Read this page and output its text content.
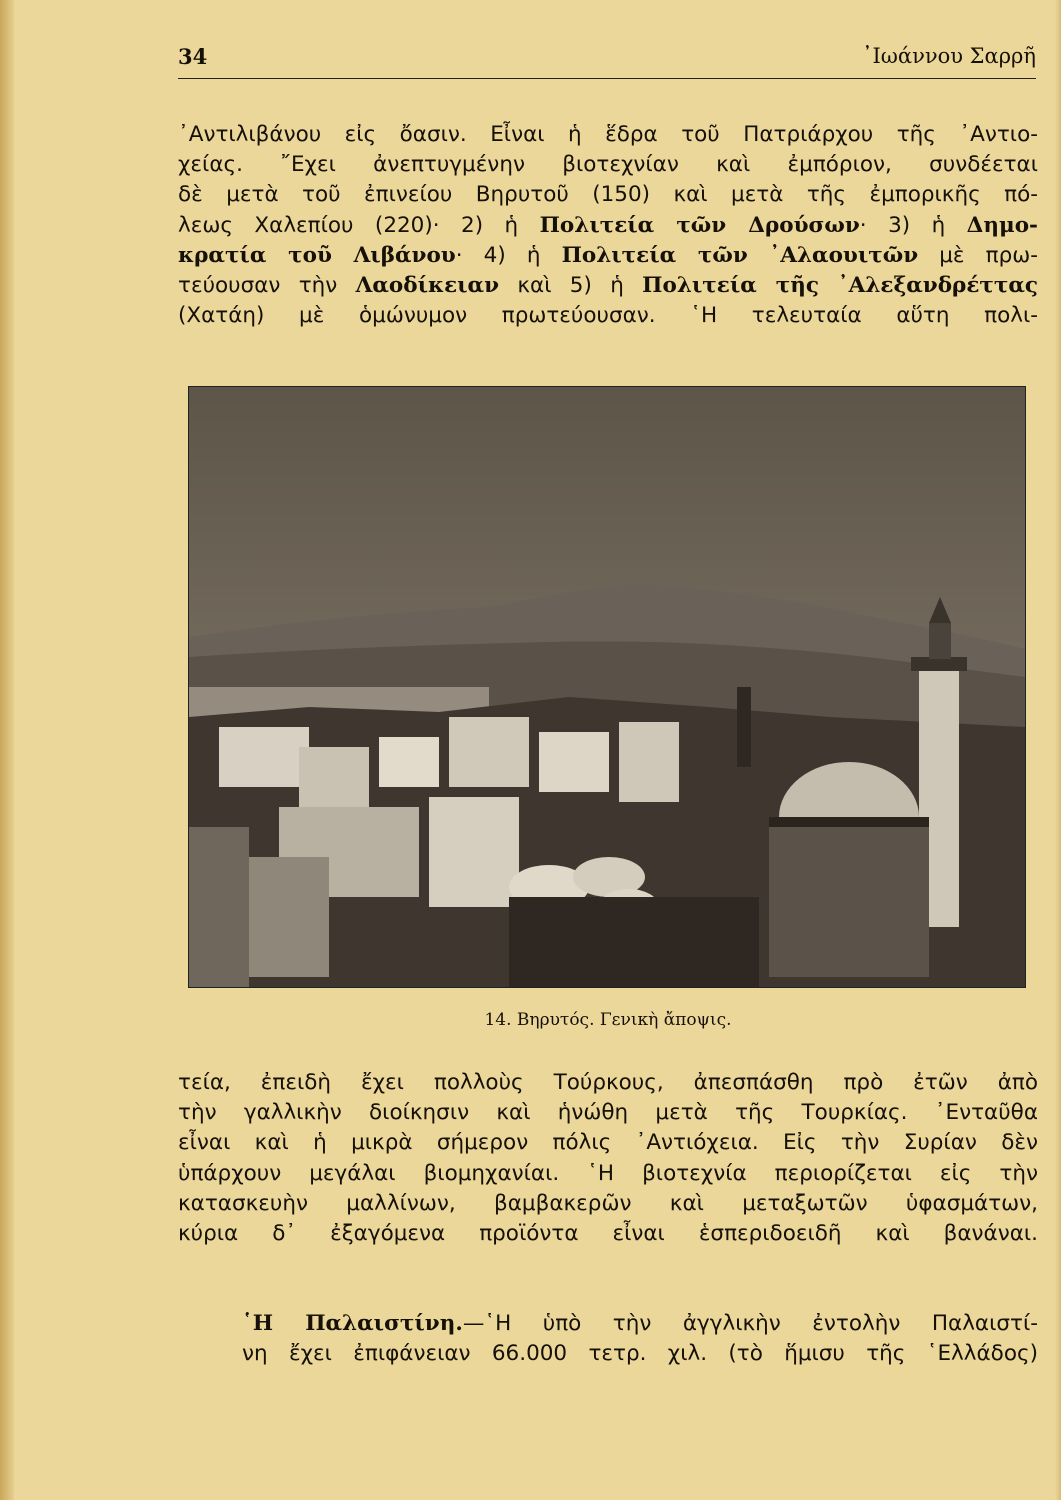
34	᾿Ιωάννου Σαρρῆ

᾿Αντιλιβάνου εἰς ὄασιν. Εἶναι ἡ ἕδρα τοῦ Πατριάρχου τῆς ᾿Αντιο-
χείας. ῎Εχει ἀνεπτυγμένην βιοτεχνίαν καὶ ἐμπόριον, συνδέεται
δὲ μετὰ τοῦ ἐπινείου Βηρυτοῦ (150) καὶ μετὰ τῆς ἐμπορικῆς πό-
λεως Χαλεπίου (220)· 2) ἡ Πολιτεία τῶν Δρούσων· 3) ἡ Δημο-
κρατία τοῦ Λιβάνου· 4) ἡ Πολιτεία τῶν ᾿Αλαουιτῶν μὲ πρω-
τεύουσαν τὴν Λαοδίκειαν καὶ 5) ἡ Πολιτεία τῆς ᾿Αλεξανδρέττας
(Χατάη) μὲ ὁμώνυμον πρωτεύουσαν. ῾Η τελευταία αὕτη πολι-

14. Βηρυτός. Γενικὴ ἄποψις.

τεία, ἐπειδὴ ἔχει πολλοὺς Τούρκους, ἀπεσπάσθη πρὸ ἐτῶν ἀπὸ
τὴν γαλλικὴν διοίκησιν καὶ ἡνώθη μετὰ τῆς Τουρκίας. ᾿Ενταῦθα
εἶναι καὶ ἡ μικρὰ σήμερον πόλις ᾿Αντιόχεια. Εἰς τὴν Συρίαν δὲν
ὑπάρχουν μεγάλαι βιομηχανίαι. ῾Η βιοτεχνία περιορίζεται εἰς τὴν
κατασκευὴν μαλλίνων, βαμβακερῶν καὶ μεταξωτῶν ὑφασμάτων,
κύρια δ᾿ ἐξαγόμενα προϊόντα εἶναι ἑσπεριδοειδῆ καὶ βανάναι.

῾Η Παλαιστίνη.—῾Η ὑπὸ τὴν ἀγγλικὴν ἐντολὴν Παλαιστί-
νη ἔχει ἐπιφάνειαν 66.000 τετρ. χιλ. (τὸ ἥμισυ τῆς ῾Ελλάδος)
